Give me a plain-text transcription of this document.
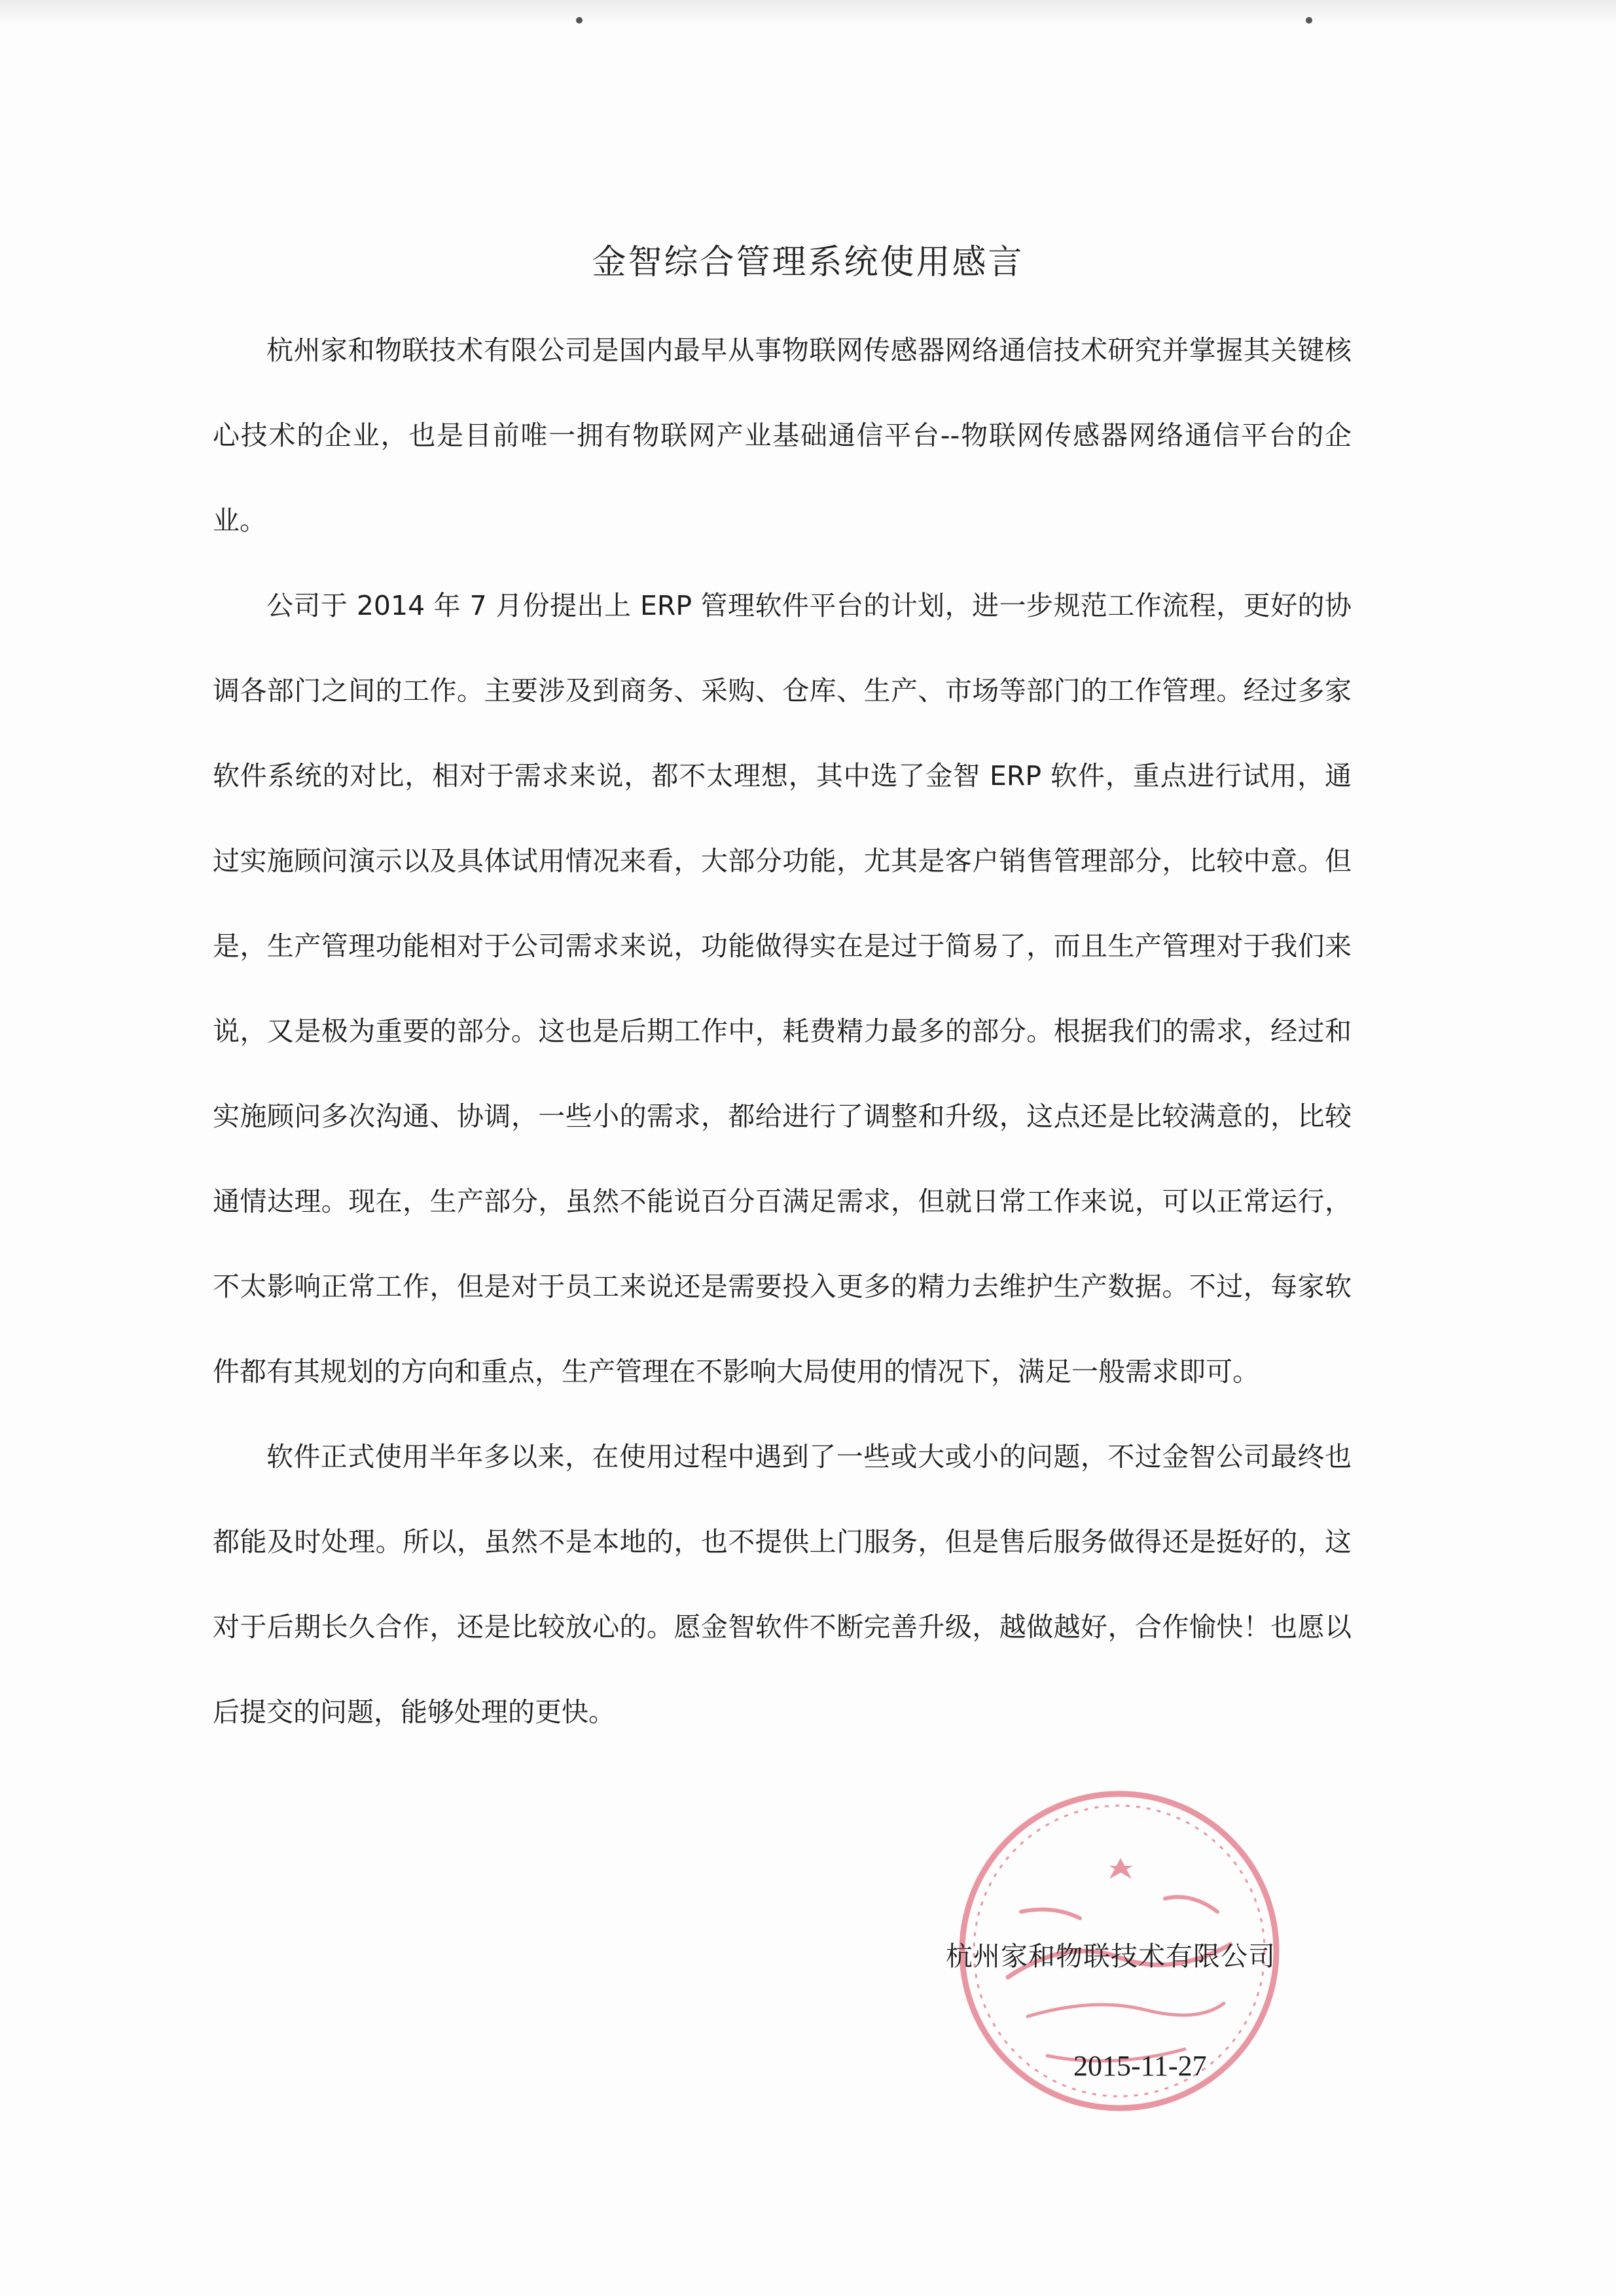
金智综合管理系统使用感言

杭州家和物联技术有限公司是国内最早从事物联网传感器网络通信技术研究并掌握其关键核心技术的企业，也是目前唯一拥有物联网产业基础通信平台--物联网传感器网络通信平台的企业。

公司于 2014 年 7 月份提出上 ERP 管理软件平台的计划，进一步规范工作流程，更好的协调各部门之间的工作。主要涉及到商务、采购、仓库、生产、市场等部门的工作管理。经过多家软件系统的对比，相对于需求来说，都不太理想，其中选了金智 ERP 软件，重点进行试用，通过实施顾问演示以及具体试用情况来看，大部分功能，尤其是客户销售管理部分，比较中意。但是，生产管理功能相对于公司需求来说，功能做得实在是过于简易了，而且生产管理对于我们来说，又是极为重要的部分。这也是后期工作中，耗费精力最多的部分。根据我们的需求，经过和实施顾问多次沟通、协调，一些小的需求，都给进行了调整和升级，这点还是比较满意的，比较通情达理。现在，生产部分，虽然不能说百分百满足需求，但就日常工作来说，可以正常运行，不太影响正常工作，但是对于员工来说还是需要投入更多的精力去维护生产数据。不过，每家软件都有其规划的方向和重点，生产管理在不影响大局使用的情况下，满足一般需求即可。

软件正式使用半年多以来，在使用过程中遇到了一些或大或小的问题，不过金智公司最终也都能及时处理。所以，虽然不是本地的，也不提供上门服务，但是售后服务做得还是挺好的，这对于后期长久合作，还是比较放心的。愿金智软件不断完善升级，越做越好，合作愉快！也愿以后提交的问题，能够处理的更快。

杭州家和物联技术有限公司
2015-11-27
